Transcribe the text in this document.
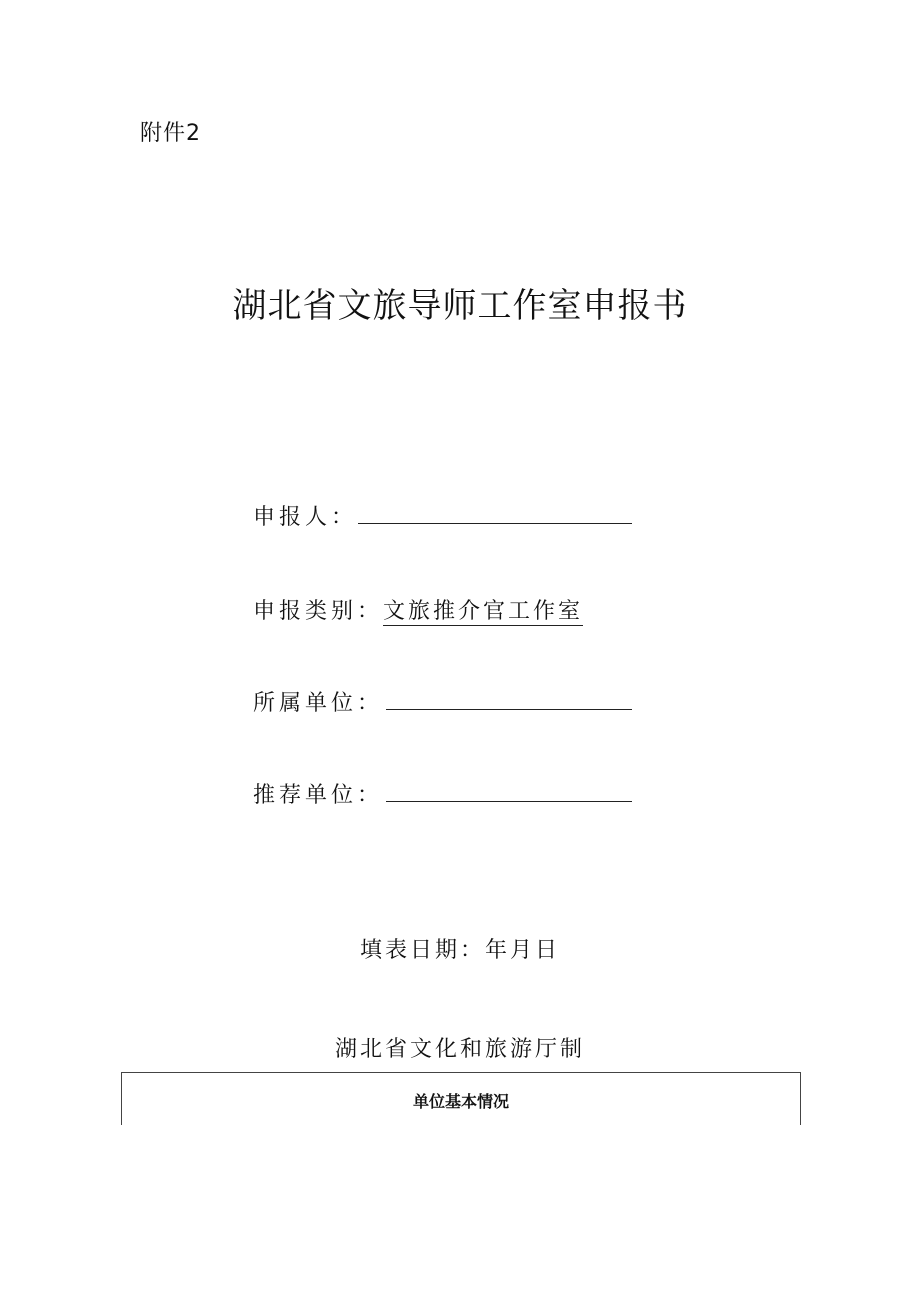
附件2
湖北省文旅导师工作室申报书
申报人：
申报类别：文旅推介官工作室
所属单位：
推荐单位：
填表日期：年月日
湖北省文化和旅游厅制
单位基本情况
